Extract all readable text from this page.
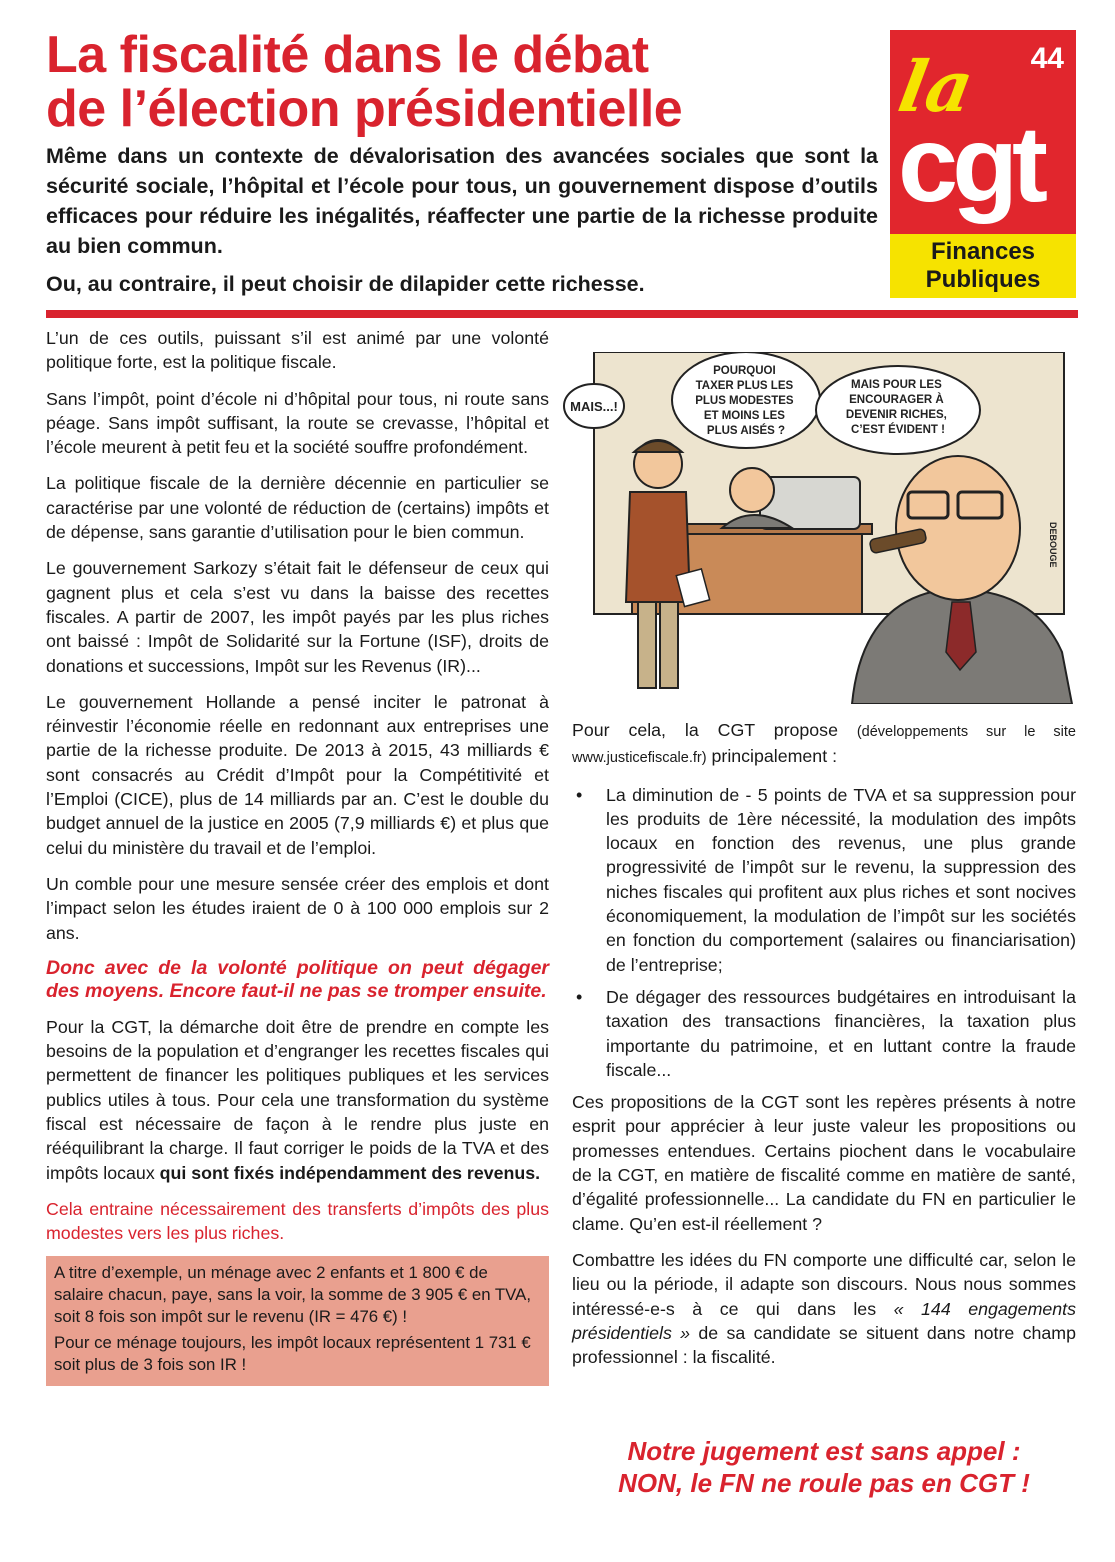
La fiscalité dans le débat
de l’élection présidentielle

Même dans un contexte de dévalorisation des avancées sociales que sont la sécurité sociale, l’hôpital et l’école pour tous, un gouvernement dispose d’outils efficaces pour réduire les inégalités, réaffecter une partie de la richesse produite au bien commun.

Ou, au contraire, il peut choisir de dilapider cette richesse.

la 44
cgt
Finances
Publiques

L’un de ces outils, puissant s’il est animé par une volonté politique forte, est la politique fiscale.

Sans l’impôt, point d’école ni d’hôpital pour tous, ni route sans péage. Sans impôt suffisant, la route se crevasse, l’hôpital et l’école meurent à petit feu et la société souffre profondément.

La politique fiscale de la dernière décennie en particulier se caractérise par une volonté de réduction de (certains) impôts et de dépense, sans garantie d’utilisation pour le bien commun.

Le gouvernement Sarkozy s’était fait le défenseur de ceux qui gagnent plus et cela s’est vu dans la baisse des recettes fiscales. A partir de 2007, les impôt payés par les plus riches ont baissé : Impôt de Solidarité sur la Fortune (ISF), droits de donations et successions, Impôt sur les Revenus (IR)...

Le gouvernement Hollande a pensé inciter le patronat à réinvestir l’économie réelle en redonnant aux entreprises une partie de la richesse produite. De 2013 à 2015, 43 milliards € sont consacrés au Crédit d’Impôt pour la Compétitivité et l’Emploi (CICE), plus de 14 milliards par an. C’est le double du budget annuel de la justice en 2005 (7,9 milliards €) et plus que celui du ministère du travail et de l’emploi.

Un comble pour une mesure sensée créer des emplois et dont l’impact selon les études iraient de 0 à 100 000 emplois sur 2 ans.

Donc avec de la volonté politique on peut dégager des moyens. Encore faut-il ne pas se tromper ensuite.

Pour la CGT, la démarche doit être de prendre en compte les besoins de la population et d’engranger les recettes fiscales qui permettent de financer les politiques publiques et les services publics utiles à tous. Pour cela une transformation du système fiscal est nécessaire de façon à le rendre plus juste en rééquilibrant la charge. Il faut corriger le poids de la TVA et des impôts locaux qui sont fixés indépendamment des revenus.

Cela entraine nécessairement des transferts d’impôts des plus modestes vers les plus riches.

A titre d’exemple, un ménage avec 2 enfants et 1 800 € de salaire chacun, paye, sans la voir, la somme de 3 905 € en TVA, soit 8 fois son impôt sur le revenu (IR = 476 €) !

Pour ce ménage toujours, les impôt locaux représentent 1 731 € soit plus de 3 fois son IR !

MAIS...!
POURQUOI TAXER PLUS LES PLUS MODESTES ET MOINS LES PLUS AISÉS ?
MAIS POUR LES ENCOURAGER À DEVENIR RICHES, C’EST ÉVIDENT !
DEBOUGE

Pour cela, la CGT propose (développements sur le site www.justicefiscale.fr) principalement :

• La diminution de - 5 points de TVA et sa suppression pour les produits de 1ère nécessité, la modulation des impôts locaux en fonction des revenus, une plus grande progressivité de l’impôt sur le revenu, la suppression des niches fiscales qui profitent aux plus riches et sont nocives économiquement, la modulation de l’impôt sur les sociétés en fonction du comportement (salaires ou financiarisation) de l’entreprise;
• De dégager des ressources budgétaires en introduisant la taxation des transactions financières, la taxation plus importante du patrimoine, et en luttant contre la fraude fiscale...

Ces propositions de la CGT sont les repères présents à notre esprit pour apprécier à leur juste valeur les propositions ou promesses entendues. Certains piochent dans le vocabulaire de la CGT, en matière de fiscalité comme en matière de santé, d’égalité professionnelle... La candidate du FN en particulier le clame. Qu’en est-il réellement ?

Combattre les idées du FN comporte une difficulté car, selon le lieu ou la période, il adapte son discours. Nous nous sommes intéressé-e-s à ce qui dans les « 144 engagements présidentiels » de sa candidate se situent dans notre champ professionnel : la fiscalité.

Notre jugement est sans appel :
NON, le FN ne roule pas en CGT !
